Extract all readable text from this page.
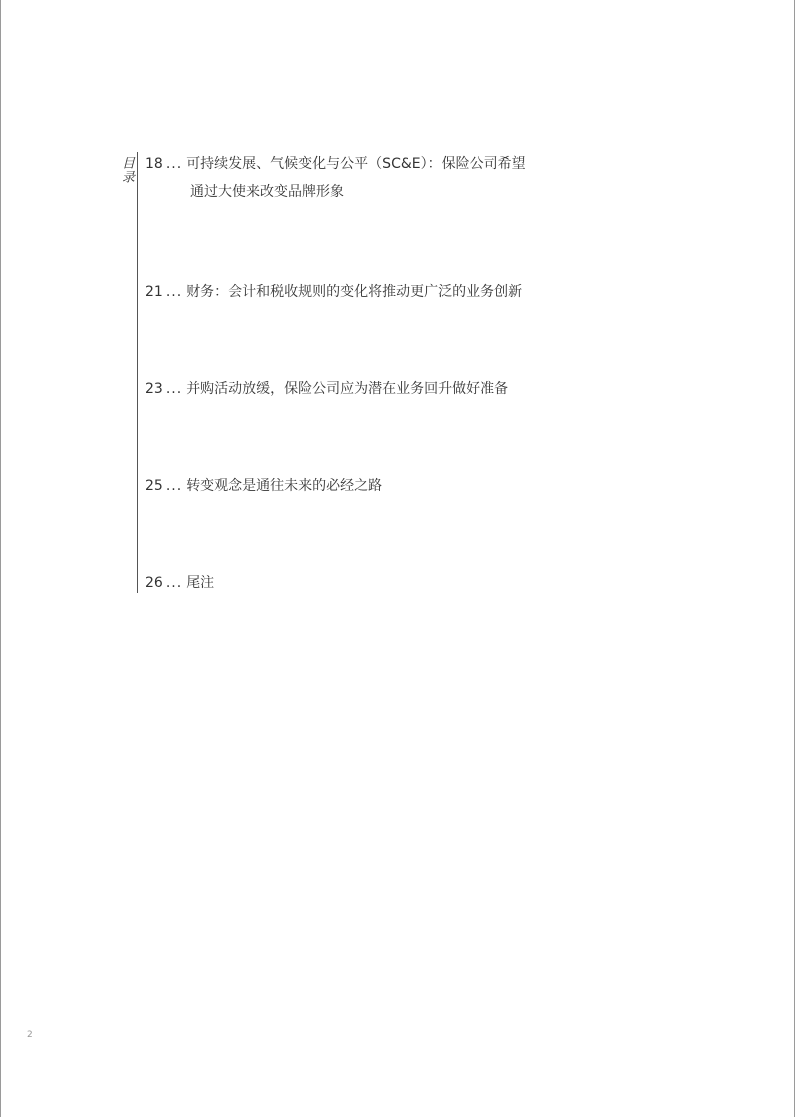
目录 18 ... 可持续发展、气候变化与公平（SC&E）：保险公司希望
通过大使来改变品牌形象
21 ... 财务：会计和税收规则的变化将推动更广泛的业务创新
23 ... 并购活动放缓，保险公司应为潜在业务回升做好准备
25 ... 转变观念是通往未来的必经之路
26 ... 尾注
2
